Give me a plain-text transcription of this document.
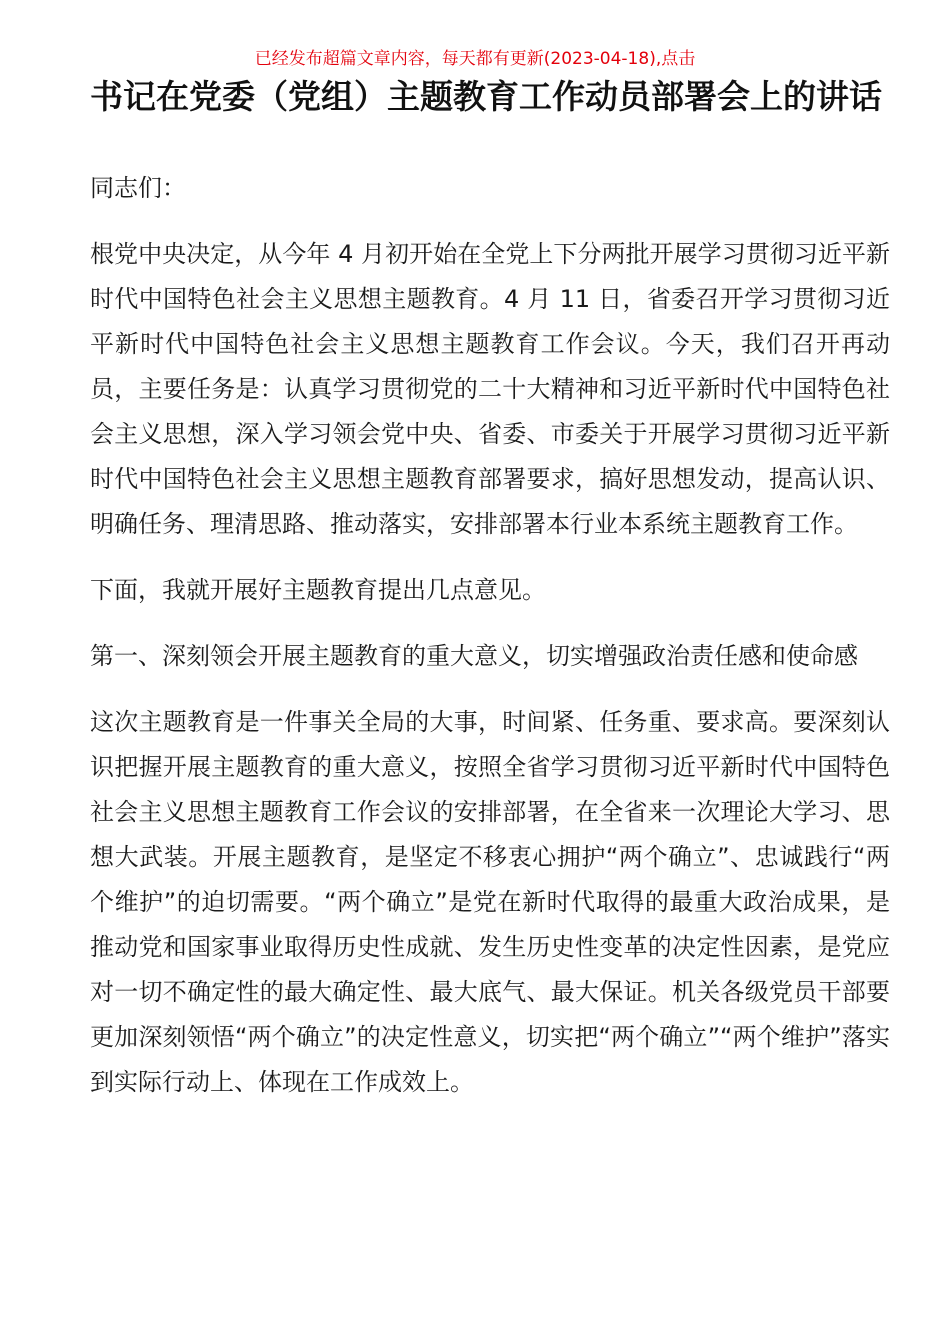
已经发布超篇文章内容，每天都有更新(2023-04-18),点击
书记在党委（党组）主题教育工作动员部署会上的讲话

同志们：

根党中央决定，从今年 4 月初开始在全党上下分两批开展学习贯彻习近平新时代中国特色社会主义思想主题教育。4 月 11 日，省委召开学习贯彻习近平新时代中国特色社会主义思想主题教育工作会议。今天，我们召开再动员，主要任务是：认真学习贯彻党的二十大精神和习近平新时代中国特色社会主义思想，深入学习领会党中央、省委、市委关于开展学习贯彻习近平新时代中国特色社会主义思想主题教育部署要求，搞好思想发动，提高认识、明确任务、理清思路、推动落实，安排部署本行业本系统主题教育工作。

下面，我就开展好主题教育提出几点意见。

第一、深刻领会开展主题教育的重大意义，切实增强政治责任感和使命感

这次主题教育是一件事关全局的大事，时间紧、任务重、要求高。要深刻认识把握开展主题教育的重大意义，按照全省学习贯彻习近平新时代中国特色社会主义思想主题教育工作会议的安排部署，在全省来一次理论大学习、思想大武装。开展主题教育，是坚定不移衷心拥护“两个确立”、忠诚践行“两个维护”的迫切需要。“两个确立”是党在新时代取得的最重大政治成果，是推动党和国家事业取得历史性成就、发生历史性变革的决定性因素，是党应对一切不确定性的最大确定性、最大底气、最大保证。机关各级党员干部要更加深刻领悟“两个确立”的决定性意义，切实把“两个确立”“两个维护”落实到实际行动上、体现在工作成效上。
